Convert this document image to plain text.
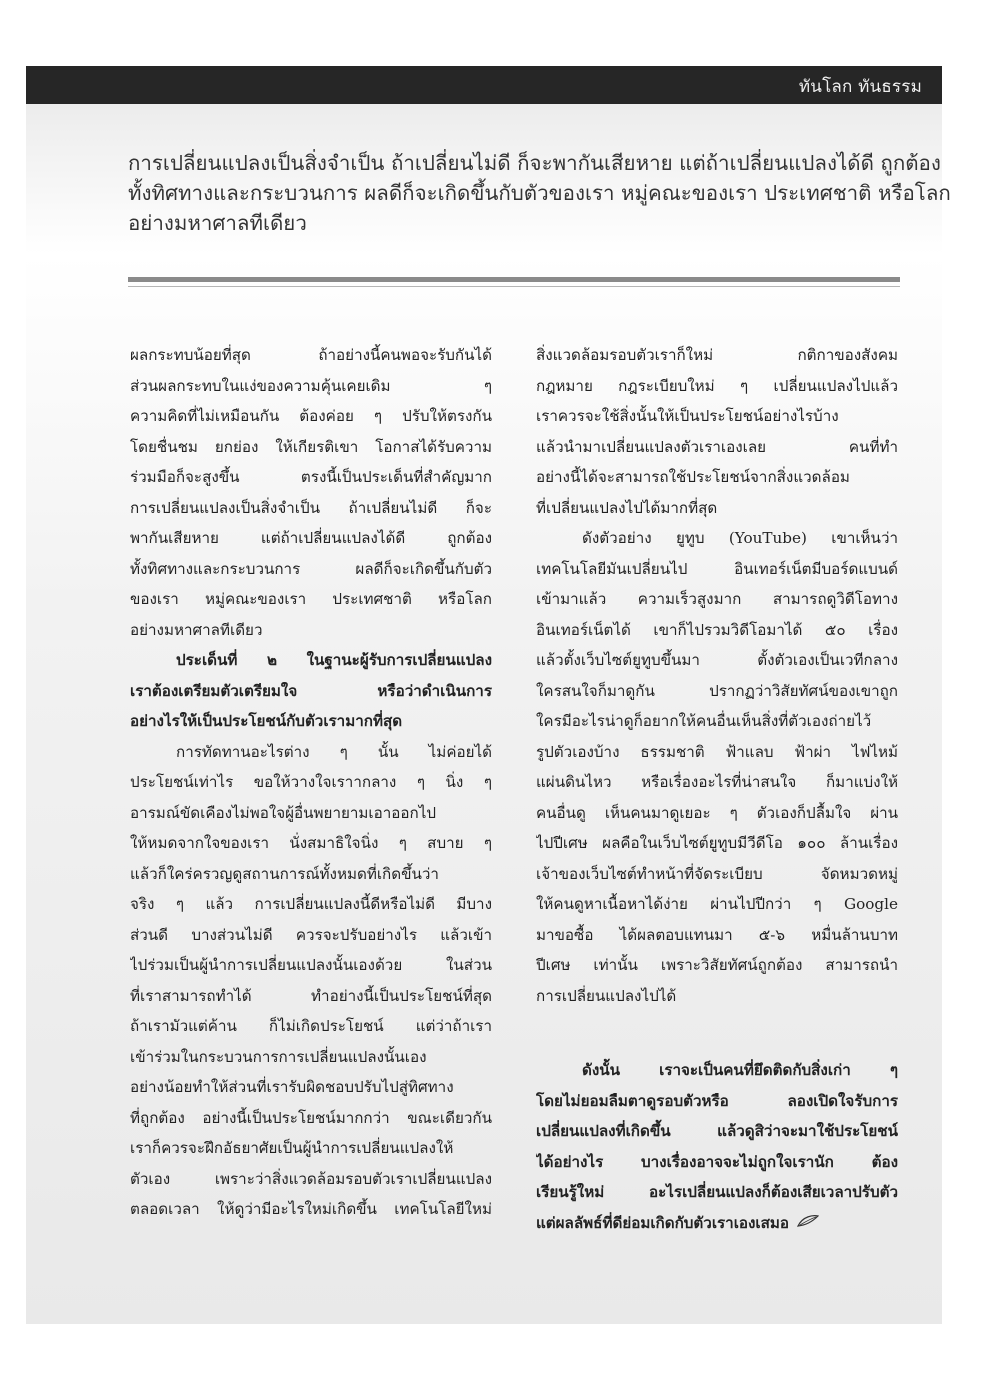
ทันโลก ทันธรรม
การเปลี่ยนแปลงเป็นสิ่งจำเป็น ถ้าเปลี่ยนไม่ดี ก็จะพากันเสียหาย แต่ถ้าเปลี่ยนแปลงได้ดี ถูกต้อง
ทั้งทิศทางและกระบวนการ ผลดีก็จะเกิดขึ้นกับตัวของเรา หมู่คณะของเรา ประเทศชาติ หรือโลก
อย่างมหาศาลทีเดียว
ผลกระทบน้อยที่สุด ถ้าอย่างนี้คนพอจะรับกันได้
ส่วนผลกระทบในแง่ของความคุ้นเคยเดิม ๆ
ความคิดที่ไม่เหมือนกัน ต้องค่อย ๆ ปรับให้ตรงกัน
โดยชื่นชม ยกย่อง ให้เกียรติเขา โอกาสได้รับความ
ร่วมมือก็จะสูงขึ้น ตรงนี้เป็นประเด็นที่สำคัญมาก
การเปลี่ยนแปลงเป็นสิ่งจำเป็น ถ้าเปลี่ยนไม่ดี ก็จะ
พากันเสียหาย แต่ถ้าเปลี่ยนแปลงได้ดี ถูกต้อง
ทั้งทิศทางและกระบวนการ ผลดีก็จะเกิดขึ้นกับตัว
ของเรา หมู่คณะของเรา ประเทศชาติ หรือโลก
อย่างมหาศาลทีเดียว
ประเด็นที่ ๒ ในฐานะผู้รับการเปลี่ยนแปลง
เราต้องเตรียมตัวเตรียมใจ หรือว่าดำเนินการ
อย่างไรให้เป็นประโยชน์กับตัวเรามากที่สุด
การทัดทานอะไรต่าง ๆ นั้น ไม่ค่อยได้
ประโยชน์เท่าไร ขอให้วางใจเราากลาง ๆ นิ่ง ๆ
อารมณ์ขัดเคืองไม่พอใจผู้อื่นพยายามเอาออกไป
ให้หมดจากใจของเรา นั่งสมาธิใจนิ่ง ๆ สบาย ๆ
แล้วก็ใคร่ครวญดูสถานการณ์ทั้งหมดที่เกิดขึ้นว่า
จริง ๆ แล้ว การเปลี่ยนแปลงนี้ดีหรือไม่ดี มีบาง
ส่วนดี บางส่วนไม่ดี ควรจะปรับอย่างไร แล้วเข้า
ไปร่วมเป็นผู้นำการเปลี่ยนแปลงนั้นเองด้วย ในส่วน
ที่เราสามารถทำได้ ทำอย่างนี้เป็นประโยชน์ที่สุด
ถ้าเรามัวแต่ค้าน ก็ไม่เกิดประโยชน์ แต่ว่าถ้าเรา
เข้าร่วมในกระบวนการการเปลี่ยนแปลงนั้นเอง
อย่างน้อยทำให้ส่วนที่เรารับผิดชอบปรับไปสู่ทิศทาง
ที่ถูกต้อง อย่างนี้เป็นประโยชน์มากกว่า ขณะเดียวกัน
เราก็ควรจะฝึกอัธยาศัยเป็นผู้นำการเปลี่ยนแปลงให้
ตัวเอง เพราะว่าสิ่งแวดล้อมรอบตัวเราเปลี่ยนแปลง
ตลอดเวลา ให้ดูว่ามีอะไรใหม่เกิดขึ้น เทคโนโลยีใหม่
สิ่งแวดล้อมรอบตัวเราก็ใหม่ กติกาของสังคม
กฎหมาย กฎระเบียบใหม่ ๆ เปลี่ยนแปลงไปแล้ว
เราควรจะใช้สิ่งนั้นให้เป็นประโยชน์อย่างไรบ้าง
แล้วนำมาเปลี่ยนแปลงตัวเราเองเลย คนที่ทำ
อย่างนี้ได้จะสามารถใช้ประโยชน์จากสิ่งแวดล้อม
ที่เปลี่ยนแปลงไปได้มากที่สุด
ดังตัวอย่าง ยูทูบ (YouTube) เขาเห็นว่า
เทคโนโลยีมันเปลี่ยนไป อินเทอร์เน็ตมีบอร์ดแบนด์
เข้ามาแล้ว ความเร็วสูงมาก สามารถดูวิดีโอทาง
อินเทอร์เน็ตได้ เขาก็ไปรวมวิดีโอมาได้ ๕๐ เรื่อง
แล้วตั้งเว็บไซต์ยูทูบขึ้นมา ตั้งตัวเองเป็นเวทีกลาง
ใครสนใจก็มาดูกัน ปรากฏว่าวิสัยทัศน์ของเขาถูก
ใครมีอะไรน่าดูก็อยากให้คนอื่นเห็นสิ่งที่ตัวเองถ่ายไว้
รูปตัวเองบ้าง ธรรมชาติ ฟ้าแลบ ฟ้าผ่า ไฟไหม้
แผ่นดินไหว หรือเรื่องอะไรที่น่าสนใจ ก็มาแบ่งให้
คนอื่นดู เห็นคนมาดูเยอะ ๆ ตัวเองก็ปลื้มใจ ผ่าน
ไปปีเศษ ผลคือในเว็บไซต์ยูทูบมีวีดีโอ ๑๐๐ ล้านเรื่อง
เจ้าของเว็บไซต์ทำหน้าที่จัดระเบียบ จัดหมวดหมู่
ให้คนดูหาเนื้อหาได้ง่าย ผ่านไปปีกว่า ๆ Google
มาขอซื้อ ได้ผลตอบแทนมา ๕-๖ หมื่นล้านบาท
ปีเศษ เท่านั้น เพราะวิสัยทัศน์ถูกต้อง สามารถนำ
การเปลี่ยนแปลงไปได้
ดังนั้น เราจะเป็นคนที่ยึดติดกับสิ่งเก่า ๆ
โดยไม่ยอมลืมตาดูรอบตัวหรือ ลองเปิดใจรับการ
เปลี่ยนแปลงที่เกิดขึ้น แล้วดูสิว่าจะมาใช้ประโยชน์
ได้อย่างไร บางเรื่องอาจจะไม่ถูกใจเรานัก ต้อง
เรียนรู้ใหม่ อะไรเปลี่ยนแปลงก็ต้องเสียเวลาปรับตัว
แต่ผลลัพธ์ที่ดีย่อมเกิดกับตัวเราเองเสมอ
